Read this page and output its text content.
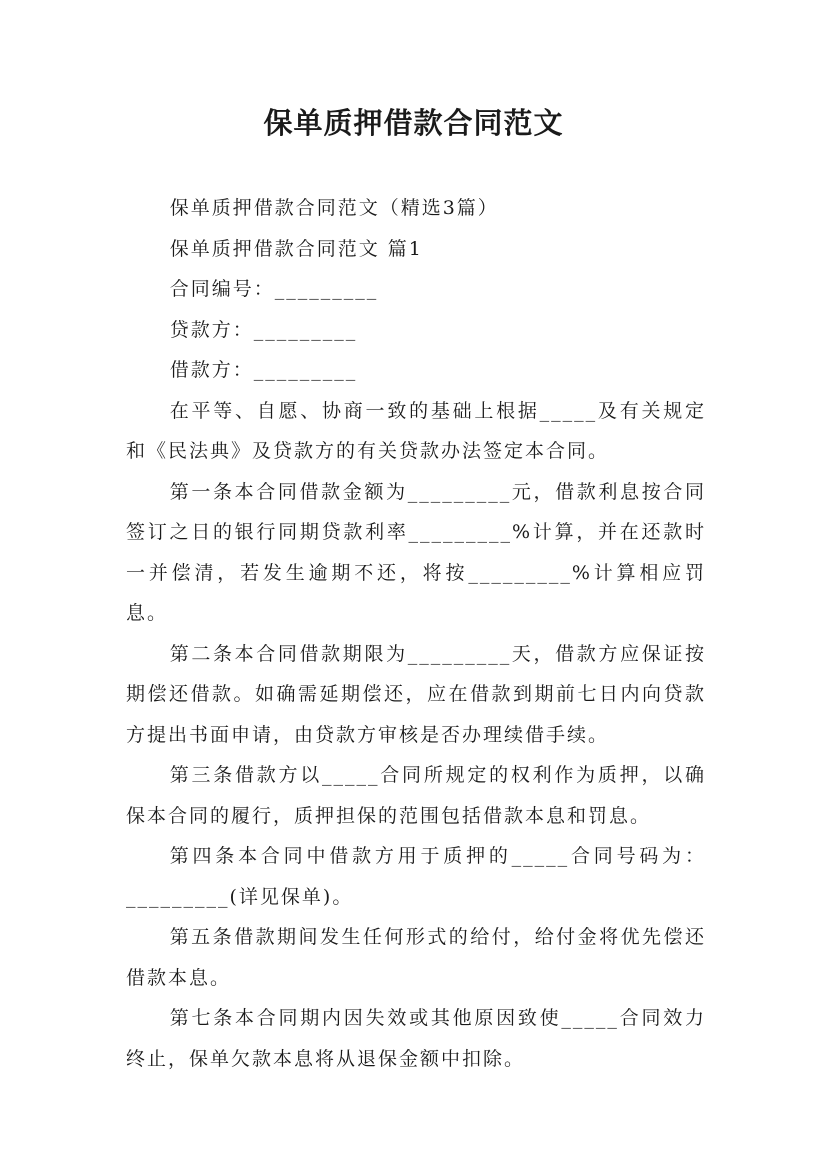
保单质押借款合同范文

保单质押借款合同范文（精选3篇）

保单质押借款合同范文 篇1

合同编号：_________

贷款方：_________

借款方：_________

在平等、自愿、协商一致的基础上根据_____及有关规定和《民法典》及贷款方的有关贷款办法签定本合同。

第一条本合同借款金额为_________元，借款利息按合同签订之日的银行同期贷款利率_________%计算，并在还款时一并偿清，若发生逾期不还，将按_________%计算相应罚息。

第二条本合同借款期限为_________天，借款方应保证按期偿还借款。如确需延期偿还，应在借款到期前七日内向贷款方提出书面申请，由贷款方审核是否办理续借手续。

第三条借款方以_____合同所规定的权利作为质押，以确保本合同的履行，质押担保的范围包括借款本息和罚息。

第四条本合同中借款方用于质押的_____合同号码为：_________(详见保单)。

第五条借款期间发生任何形式的给付，给付金将优先偿还借款本息。

第七条本合同期内因失效或其他原因致使_____合同效力终止，保单欠款本息将从退保金额中扣除。
